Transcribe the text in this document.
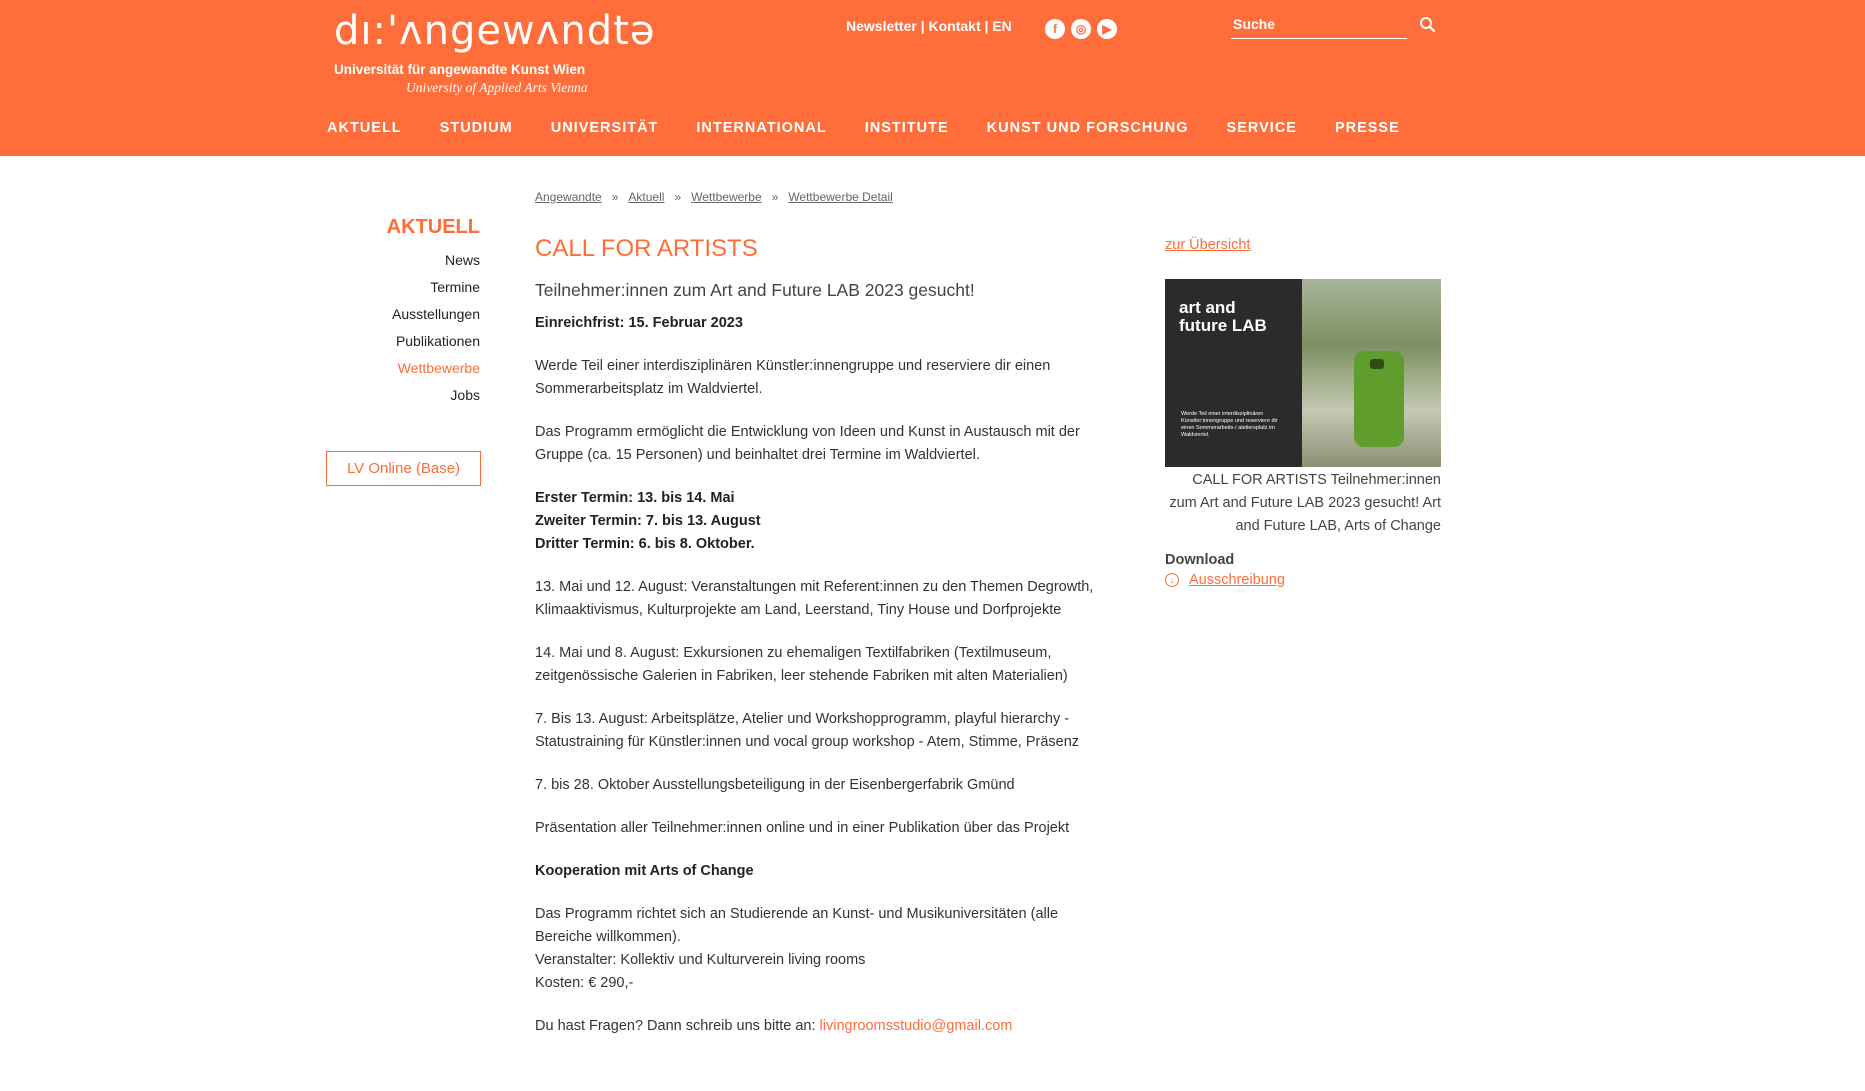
dı:'ʌngewʌndtə
Universität für angewandte Kunst Wien
University of Applied Arts Vienna
Newsletter | Kontakt | EN	f	◎	▶
Suche
AKTUELL	STUDIUM	UNIVERSITÄT	INTERNATIONAL	INSTITUTE	KUNST UND FORSCHUNG	SERVICE	PRESSE
Angewandte » Aktuell » Wettbewerbe » Wettbewerbe Detail
AKTUELL
News
Termine
Ausstellungen
Publikationen
Wettbewerbe
Jobs
LV Online (Base)
CALL FOR ARTISTS
Teilnehmer:innen zum Art and Future LAB 2023 gesucht!

Einreichfrist: 15. Februar 2023

Werde Teil einer interdisziplinären Künstler:innengruppe und reserviere dir einen Sommerarbeitsplatz im Waldviertel.

Das Programm ermöglicht die Entwicklung von Ideen und Kunst in Austausch mit der Gruppe (ca. 15 Personen) und beinhaltet drei Termine im Waldviertel.

Erster Termin: 13. bis 14. Mai

Zweiter Termin: 7. bis 13. August

Dritter Termin: 6. bis 8. Oktober.

13. Mai und 12. August: Veranstaltungen mit Referent:innen zu den Themen Degrowth, Klimaaktivismus, Kulturprojekte am Land, Leerstand, Tiny House und Dorfprojekte

14. Mai und 8. August: Exkursionen zu ehemaligen Textilfabriken (Textilmuseum, zeitgenössische Galerien in Fabriken, leer stehende Fabriken mit alten Materialien)

7. Bis 13. August: Arbeitsplätze, Atelier und Workshopprogramm, playful hierarchy - Statustraining für Künstler:innen und vocal group workshop - Atem, Stimme, Präsenz

7. bis 28. Oktober Ausstellungsbeteiligung in der Eisenbergerfabrik Gmünd

Präsentation aller Teilnehmer:innen online und in einer Publikation über das Projekt

Kooperation mit Arts of Change

Das Programm richtet sich an Studierende an Kunst- und Musikuniversitäten (alle Bereiche willkommen).

Veranstalter: Kollektiv und Kulturverein living rooms

Kosten: € 290,-

Du hast Fragen? Dann schreib uns bitte an: livingroomsstudio@gmail.com

zur Übersicht
art and future LAB
Werde Teil einer interdisziplinären Künstler:innengruppe und reserviere dir einen Sommerarbeits-/ ateliersplatz im Waldviertel.
CALL FOR ARTISTS Teilnehmer:innen zum Art and Future LAB 2023 gesucht! Art and Future LAB, Arts of Change
Download
↓	Ausschreibung
